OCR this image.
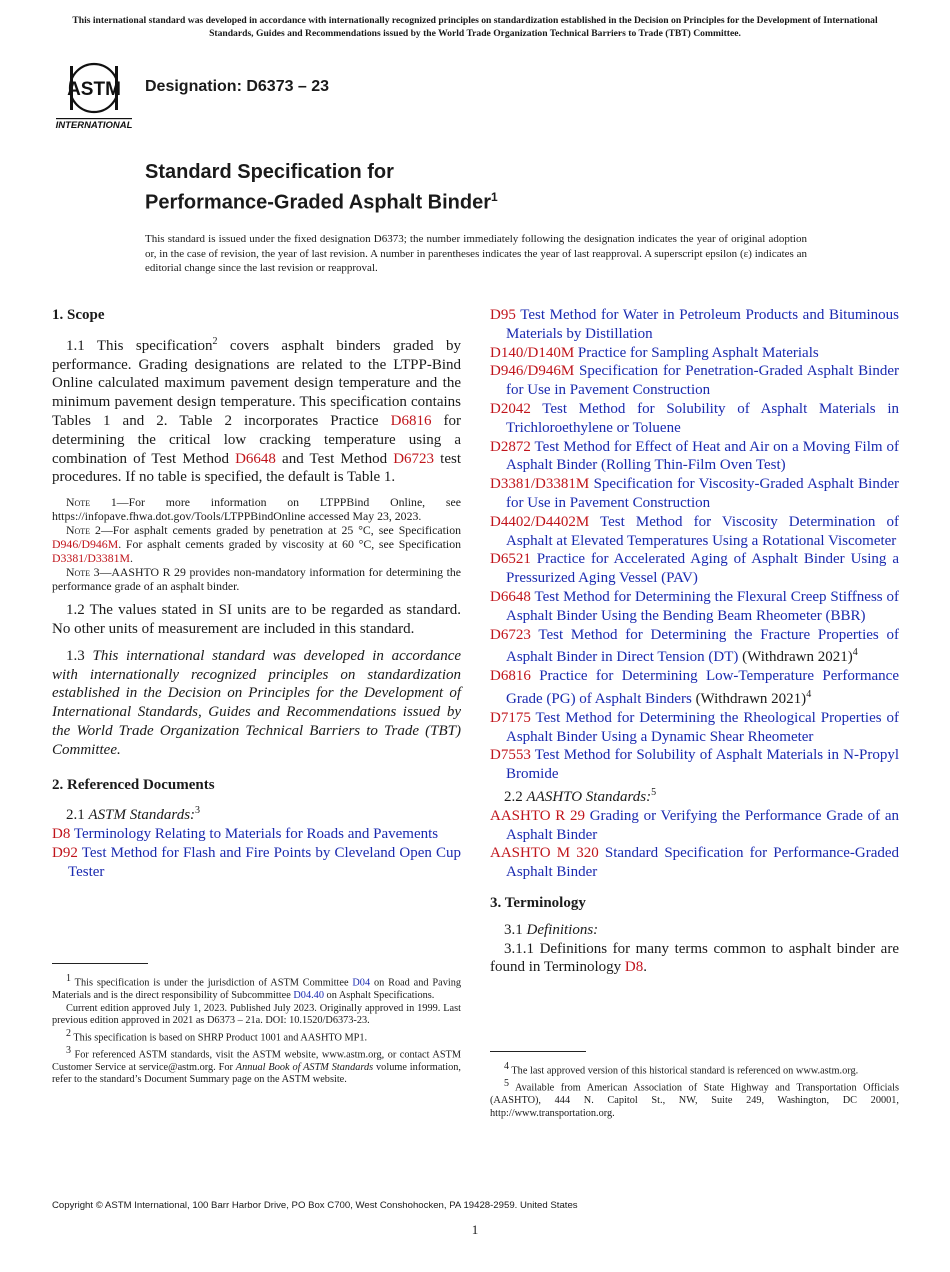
This international standard was developed in accordance with internationally recognized principles on standardization established in the Decision on Principles for the Development of International Standards, Guides and Recommendations issued by the World Trade Organization Technical Barriers to Trade (TBT) Committee.
ASTM
INTERNATIONAL
Designation: D6373 – 23
Standard Specification for
Performance-Graded Asphalt Binder$^1$
This standard is issued under the fixed designation D6373; the number immediately following the designation indicates the year of original adoption or, in the case of revision, the year of last revision. A number in parentheses indicates the year of last reapproval. A superscript epsilon (ε) indicates an editorial change since the last revision or reapproval.
1. Scope

1.1 This specification$^2$ covers asphalt binders graded by performance. Grading designations are related to the LTPP-Bind Online calculated maximum pavement design temperature and the minimum pavement design temperature. This specification contains Tables 1 and 2. Table 2 incorporates Practice D6816 for determining the critical low cracking temperature using a combination of Test Method D6648 and Test Method D6723 test procedures. If no table is specified, the default is Table 1.

Note 1—For more information on LTPPBind Online, see https://infopave.fhwa.dot.gov/Tools/LTPPBindOnline accessed May 23, 2023.

Note 2—For asphalt cements graded by penetration at 25 °C, see Specification D946/D946M. For asphalt cements graded by viscosity at 60 °C, see Specification D3381/D3381M.

Note 3—AASHTO R 29 provides non-mandatory information for determining the performance grade of an asphalt binder.

1.2 The values stated in SI units are to be regarded as standard. No other units of measurement are included in this standard.

1.3 This international standard was developed in accordance with internationally recognized principles on standardization established in the Decision on Principles for the Development of International Standards, Guides and Recommendations issued by the World Trade Organization Technical Barriers to Trade (TBT) Committee.

2. Referenced Documents
2.1 ASTM Standards:$^3$
D8 Terminology Relating to Materials for Roads and Pavements
D92 Test Method for Flash and Fire Points by Cleveland Open Cup Tester
D95 Test Method for Water in Petroleum Products and Bituminous Materials by Distillation
D140/D140M Practice for Sampling Asphalt Materials
D946/D946M Specification for Penetration-Graded Asphalt Binder for Use in Pavement Construction
D2042 Test Method for Solubility of Asphalt Materials in Trichloroethylene or Toluene
D2872 Test Method for Effect of Heat and Air on a Moving Film of Asphalt Binder (Rolling Thin-Film Oven Test)
D3381/D3381M Specification for Viscosity-Graded Asphalt Binder for Use in Pavement Construction
D4402/D4402M Test Method for Viscosity Determination of Asphalt at Elevated Temperatures Using a Rotational Viscometer
D6521 Practice for Accelerated Aging of Asphalt Binder Using a Pressurized Aging Vessel (PAV)
D6648 Test Method for Determining the Flexural Creep Stiffness of Asphalt Binder Using the Bending Beam Rheometer (BBR)
D6723 Test Method for Determining the Fracture Properties of Asphalt Binder in Direct Tension (DT) (Withdrawn 2021)$^4$
D6816 Practice for Determining Low-Temperature Performance Grade (PG) of Asphalt Binders (Withdrawn 2021)$^4$
D7175 Test Method for Determining the Rheological Properties of Asphalt Binder Using a Dynamic Shear Rheometer
D7553 Test Method for Solubility of Asphalt Materials in N-Propyl Bromide
2.2 AASHTO Standards:$^5$
AASHTO R 29 Grading or Verifying the Performance Grade of an Asphalt Binder
AASHTO M 320 Standard Specification for Performance-Graded Asphalt Binder
3. Terminology
3.1 Definitions:

3.1.1 Definitions for many terms common to asphalt binder are found in Terminology D8.

$^1$ This specification is under the jurisdiction of ASTM Committee D04 on Road and Paving Materials and is the direct responsibility of Subcommittee D04.40 on Asphalt Specifications.

Current edition approved July 1, 2023. Published July 2023. Originally approved in 1999. Last previous edition approved in 2021 as D6373 – 21a. DOI: 10.1520/D6373-23.

$^2$ This specification is based on SHRP Product 1001 and AASHTO MP1.

$^3$ For referenced ASTM standards, visit the ASTM website, www.astm.org, or contact ASTM Customer Service at service@astm.org. For Annual Book of ASTM Standards volume information, refer to the standard’s Document Summary page on the ASTM website.

$^4$ The last approved version of this historical standard is referenced on www.astm.org.

$^5$ Available from American Association of State Highway and Transportation Officials (AASHTO), 444 N. Capitol St., NW, Suite 249, Washington, DC 20001, http://www.transportation.org.

Copyright © ASTM International, 100 Barr Harbor Drive, PO Box C700, West Conshohocken, PA 19428-2959. United States
1
